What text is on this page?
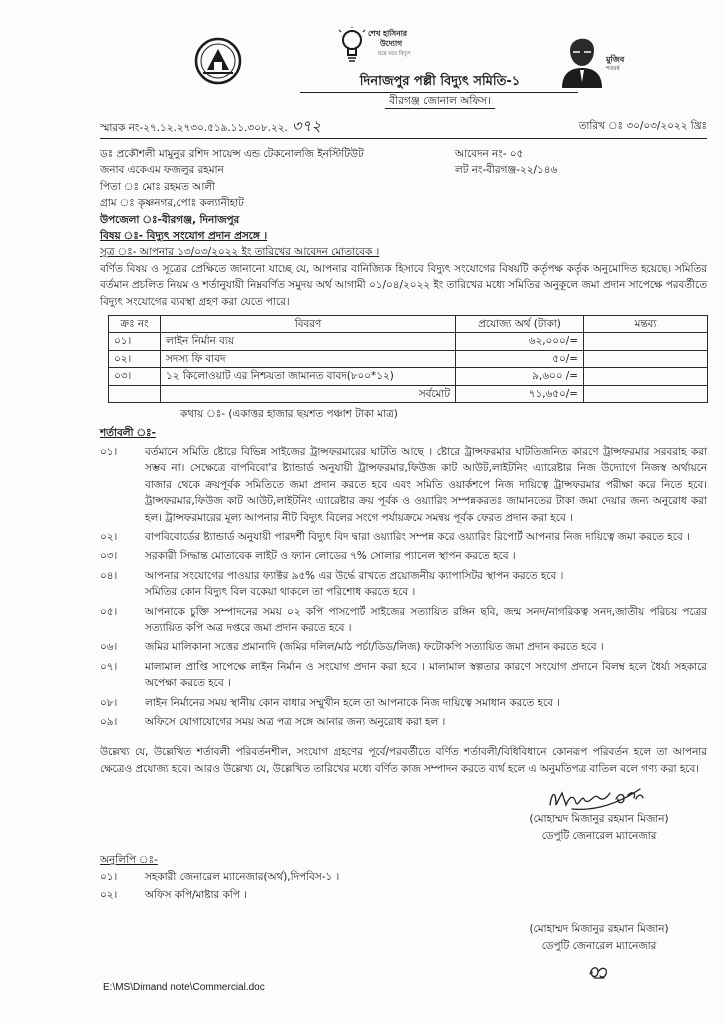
শেখ হাসিনার
উদ্যোগ
ঘরে ঘরে বিদ্যুৎ
মুজিব
শতবর্ষ
দিনাজপুর পল্লী বিদ্যুৎ সমিতি-১
বীরগঞ্জ জোনাল অফিস।
স্মারক নং-২৭.১২.২৭৩০.৫১৯.১১.৩০৮.২২. ৩৭২	তারিখ ঃ ৩০/০৩/২০২২ খ্রিঃ
ডঃ প্রকৌশলী মামুনুর রশিদ সায়েন্স এন্ড টেকনোলজি ইনস্টিটিউট	আবেদন নং- ০৫
জনাব একেএম ফজলুর রহমান	লট নং-বীরগঞ্জ-২২/১৪৬
পিতা ঃ মোঃ রহমত আলী
গ্রাম ঃ কৃষ্ণনগর,পোঃ কল্যানীহাট
উপজেলা ঃ-বীরগঞ্জ, দিনাজপুর
বিষয় ঃ- বিদ্যুৎ সংযোগ প্রদান প্রসঙ্গে ।
সূত্র ঃ- আপনার ১৩/০৩/২০২২ ইং তারিখের আবেদন মোতাবেক ।

বর্ণিত বিষয় ও সূত্রের প্রেক্ষিতে জানানো যাচ্ছে যে, আপনার বানিজ্যিক হিসাবে বিদ্যুৎ সংযোগের বিষয়টি কর্তৃপক্ষ কর্তৃক অনুমোদিত হয়েছে। সমিতির বর্তমান প্রচলিত নিয়ম ও শর্তানুযায়ী নিম্নবর্ণিত সমুদয় অর্থ আগামী ০১/০৪/২০২২ ইং তারিখের মধ্যে সমিতির অনুকূলে জমা প্রদান সাপেক্ষে পরবর্তীতে বিদ্যুৎ সংযোগের ব্যবস্থা গ্রহণ করা যেতে পারে।

ক্রঃ নং	বিবরণ	প্রযোজ্য অর্থ (টাকা)	মন্তব্য
০১।	লাইন নির্মান ব্যয়	৬২,০০০/=	
০২।	সদস্য ফি বাবদ	৫০/=	
০৩।	১২ কিলোওয়াট এর নিশ্চয়তা জামানত বাবদ(৮০০*১২)	৯,৬০০ /=	
	সর্বমোট	৭১,৬৫০/=	
কথায় ঃ- (একাত্তর হাজার ছয়শত পঞ্চাশ টাকা মাত্র)
শর্তাবলী ঃ-
০১।	বর্তমানে সমিতি ষ্টোরে বিভিন্ন সাইজের ট্রান্সফরমারের ঘাটতি আছে । ষ্টোরে ট্রান্সফরমার ঘাটতিজনিত কারণে ট্রান্সফরমার সরবরাহ করা সম্ভব না। সেক্ষেত্রে বাপবিবো'র ষ্ট্যান্ডার্ড অনুযায়ী ট্রান্সফরমার,ফিউজ কাট আউট,লাইটনিং এ্যারেষ্টার নিজ উদ্যোগে নিজস্ব অর্থায়নে বাজার থেকে ক্রয়পূর্বক সমিতিতে জমা প্রদান করতে হবে এবং সমিতি ওয়ার্কশপে নিজ দায়িত্বে ট্রান্সফরমার পরীক্ষা করে নিতে হবে। ট্রান্সফরমার,ফিউজ কাট আউট,লাইটনিং এ্যারেষ্টার ক্রয় পূর্বক ও ওয়্যারিং সম্পন্নকরতঃ জামানতের টাকা জমা দেয়ার জন্য অনুরোধ করা হল। ট্রান্সফরমারের মূল্য আপনার নীট বিদ্যুৎ বিলের সংগে পর্যায়ক্রমে সমন্বয় পূর্বক ফেরত প্রদান করা হবে ।
০২।	বাপবিবোর্ডের ষ্ট্যান্ডার্ড অনুযায়ী পারদর্শী বিদ্যুৎ বিদ দ্বারা ওয়্যারিং সম্পন্ন করে ওয়্যারিং রিপোর্ট আপনার নিজ দায়িত্বে জমা করতে হবে ।
০৩।	সরকারী সিদ্ধান্ত মোতাবেক লাইট ও ফ্যান লোডের ৭% সোলার প্যানেল স্থাপন করতে হবে ।
০৪।	আপনার সংযোগের পাওয়ার ফ্যাক্টর ৯৫% এর উর্দ্ধে রাখতে প্রয়োজনীয় ক্যাপাসিটর স্থাপন করতে হবে ।
সমিতির কোন বিদ্যুৎ বিল বকেয়া থাকলে তা পরিশোধ করতে হবে ।
০৫।	আপনাকে চুক্তি সম্পাদনের সময় ০২ কপি পাসপোর্ট সাইজের সত্যায়িত রঙ্গিন ছবি, জন্ম সনদ/নাগরিকত্ব সনদ,জাতীয় পরিচয় পত্রের সত্যায়িত কপি অত্র দপ্তরে জমা প্রদান করতে হবে ।
০৬।	জমির মালিকানা সত্তের প্রমানাদি (জমির দলিল/মাঠ পর্চা/ডিড/লিজ) ফটোকপি সত্যায়িত জমা প্রদান করতে হবে ।
০৭।	মালামাল প্রাপ্তি সাপেক্ষে লাইন নির্মান ও সংযোগ প্রদান করা হবে । মালামাল স্বল্পতার কারণে সংযোগ প্রদানে বিলম্ব হলে ধৈর্য্য সহকারে অপেক্ষা করতে হবে ।
০৮।	লাইন নির্মানের সময় স্থানীয় কোন বাধার সম্মুখীন হলে তা আপনাকে নিজ দায়িত্বে সমাধান করতে হবে ।
০৯।	অফিসে যোগাযোগের সময় অত্র পত্র সঙ্গে আনার জন্য অনুরোধ করা হল ।

উল্লেখ্য যে, উল্লেখিত শর্তাবলী পরিবর্তনশীল, সংযোগ গ্রহণের পূর্বে/পরবর্তীতে বর্ণিত শর্তাবলী/বিধিবিধানে কোনরূপ পরিবর্তন হলে তা আপনার ক্ষেত্রেও প্রযোজ্য হবে। আরও উল্লেখ্য যে, উল্লেখিত তারিখের মধ্যে বর্ণিত কাজ সম্পাদন করতে ব্যর্থ হলে এ অনুমতিপত্র বাতিল বলে গণ্য করা হবে।

(মোহাম্মদ মিজানুর রহমান মিজান)
ডেপুটি জেনারেল ম্যানেজার
অনুলিপি ঃ-
০১।	সহকারী জেনারেল ম্যানেজার(অর্থ),দিপবিস-১ ।
০২।	অফিস কপি/মাষ্টার কপি ।
(মোহাম্মদ মিজানুর রহমান মিজান)
ডেপুটি জেনারেল ম্যানেজার
E:\MS\Dimand note\Commercial.doc
